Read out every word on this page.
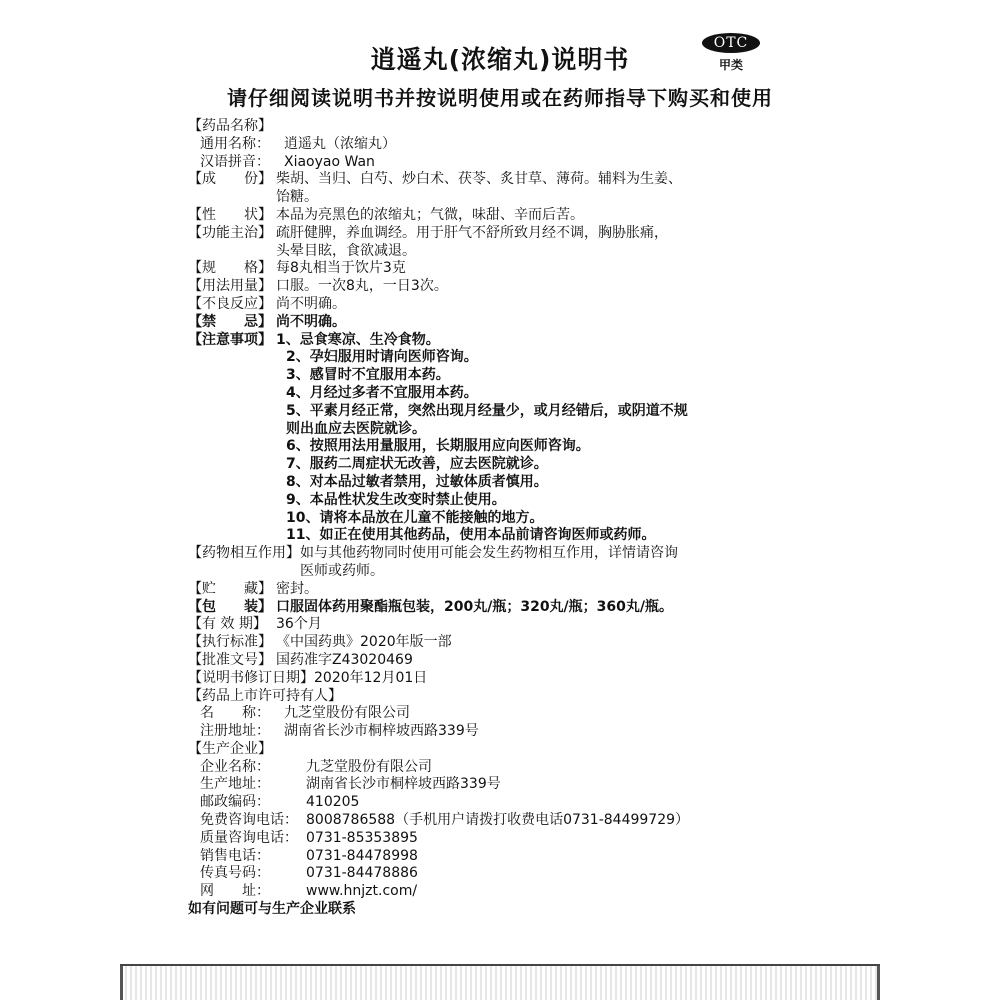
逍遥丸(浓缩丸)说明书
OTC
甲类
请仔细阅读说明书并按说明使用或在药师指导下购买和使用
【药品名称】
通用名称：	逍遥丸（浓缩丸）
汉语拼音：	Xiaoyao Wan
【成　　份】 柴胡、当归、白芍、炒白术、茯苓、炙甘草、薄荷。辅料为生姜、
饴糖。
【性　　状】 本品为亮黑色的浓缩丸；气微，味甜、辛而后苦。
【功能主治】 疏肝健脾，养血调经。用于肝气不舒所致月经不调，胸胁胀痛，
头晕目眩，食欲减退。
【规　　格】 每8丸相当于饮片3克
【用法用量】 口服。一次8丸，一日3次。
【不良反应】 尚不明确。
【禁　　忌】 尚不明确。
【注意事项】 1、忌食寒凉、生冷食物。
2、孕妇服用时请向医师咨询。
3、感冒时不宜服用本药。
4、月经过多者不宜服用本药。
5、平素月经正常，突然出现月经量少，或月经错后，或阴道不规
则出血应去医院就诊。
6、按照用法用量服用，长期服用应向医师咨询。
7、服药二周症状无改善，应去医院就诊。
8、对本品过敏者禁用，过敏体质者慎用。
9、本品性状发生改变时禁止使用。
10、请将本品放在儿童不能接触的地方。
11、如正在使用其他药品，使用本品前请咨询医师或药师。
【药物相互作用】 如与其他药物同时使用可能会发生药物相互作用，详情请咨询
医师或药师。
【贮　　藏】 密封。
【包　　装】 口服固体药用聚酯瓶包装，200丸/瓶；320丸/瓶；360丸/瓶。
【有 效 期】 36个月
【执行标准】 《中国药典》2020年版一部
【批准文号】 国药准字Z43020469
【说明书修订日期】 2020年12月01日
【药品上市许可持有人】
名　　称：	九芝堂股份有限公司
注册地址：	湖南省长沙市桐梓坡西路339号
【生产企业】
企业名称：	九芝堂股份有限公司
生产地址：	湖南省长沙市桐梓坡西路339号
邮政编码：	410205
免费咨询电话： 8008786588（手机用户请拨打收费电话0731-84499729）
质量咨询电话： 0731-85353895
销售电话：	0731-84478998
传真号码：	0731-84478886
网　　址：	www.hnjzt.com/
如有问题可与生产企业联系
